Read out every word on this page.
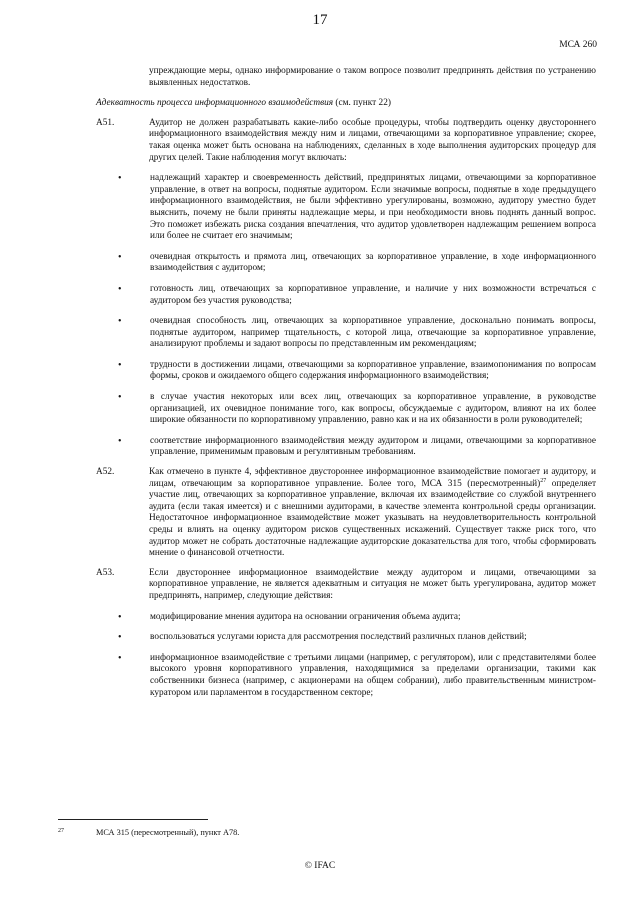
17
МСА 260

упреждающие меры, однако информирование о таком вопросе позволит предпринять действия по устранению выявленных недостатков.

Адекватность процесса информационного взаимодействия (см. пункт 22)

A51.	Аудитор не должен разрабатывать какие-либо особые процедуры, чтобы подтвердить оценку двустороннего информационного взаимодействия между ним и лицами, отвечающими за корпоративное управление; скорее, такая оценка может быть основана на наблюдениях, сделанных в ходе выполнения аудиторских процедур для других целей. Такие наблюдения могут включать:

•	надлежащий характер и своевременность действий, предпринятых лицами, отвечающими за корпоративное управление, в ответ на вопросы, поднятые аудитором. Если значимые вопросы, поднятые в ходе предыдущего информационного взаимодействия, не были эффективно урегулированы, возможно, аудитору уместно будет выяснить, почему не были приняты надлежащие меры, и при необходимости вновь поднять данный вопрос. Это поможет избежать риска создания впечатления, что аудитор удовлетворен надлежащим решением вопроса или более не считает его значимым;
•	очевидная открытость и прямота лиц, отвечающих за корпоративное управление, в ходе информационного взаимодействия с аудитором;
•	готовность лиц, отвечающих за корпоративное управление, и наличие у них возможности встречаться с аудитором без участия руководства;
•	очевидная способность лиц, отвечающих за корпоративное управление, досконально понимать вопросы, поднятые аудитором, например тщательность, с которой лица, отвечающие за корпоративное управление, анализируют проблемы и задают вопросы по представленным им рекомендациям;
•	трудности в достижении лицами, отвечающими за корпоративное управление, взаимопонимания по вопросам формы, сроков и ожидаемого общего содержания информационного взаимодействия;
•	в случае участия некоторых или всех лиц, отвечающих за корпоративное управление, в руководстве организацией, их очевидное понимание того, как вопросы, обсуждаемые с аудитором, влияют на их более широкие обязанности по корпоративному управлению, равно как и на их обязанности в роли руководителей;
•	соответствие информационного взаимодействия между аудитором и лицами, отвечающими за корпоративное управление, применимым правовым и регулятивным требованиям.
A52.	Как отмечено в пункте 4, эффективное двустороннее информационное взаимодействие помогает и аудитору, и лицам, отвечающим за корпоративное управление. Более того, МСА 315 (пересмотренный)$^{27}$ определяет участие лиц, отвечающих за корпоративное управление, включая их взаимодействие со службой внутреннего аудита (если такая имеется) и с внешними аудиторами, в качестве элемента контрольной среды организации. Недостаточное информационное взаимодействие может указывать на неудовлетворительность контрольной среды и влиять на оценку аудитором рисков существенных искажений. Существует также риск того, что аудитор может не собрать достаточные надлежащие аудиторские доказательства для того, чтобы сформировать мнение о финансовой отчетности.

A53.	Если двустороннее информационное взаимодействие между аудитором и лицами, отвечающими за корпоративное управление, не является адекватным и ситуация не может быть урегулирована, аудитор может предпринять, например, следующие действия:

•	модифицирование мнения аудитора на основании ограничения объема аудита;
•	воспользоваться услугами юриста для рассмотрения последствий различных планов действий;
•	информационное взаимодействие с третьими лицами (например, с регулятором), или с представителями более высокого уровня корпоративного управления, находящимися за пределами организации, такими как собственники бизнеса (например, с акционерами на общем собрании), либо правительственным министром-куратором или парламентом в государственном секторе;
27	МСА 315 (пересмотренный), пункт А78.
© IFAC
